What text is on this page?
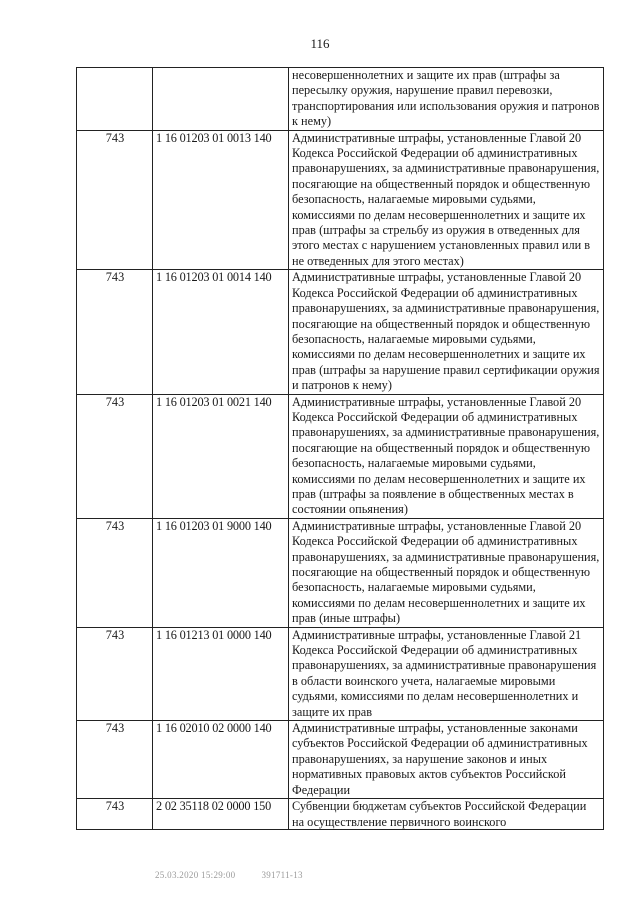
116
		несовершеннолетних и защите их прав (штрафы за пересылку оружия, нарушение правил перевозки, транспортирования или использования оружия и патронов к нему)
743	1 16 01203 01 0013 140	Административные штрафы, установленные Главой 20 Кодекса Российской Федерации об административных правонарушениях, за административные правонарушения, посягающие на общественный порядок и общественную безопасность, налагаемые мировыми судьями, комиссиями по делам несовершеннолетних и защите их прав (штрафы за стрельбу из оружия в отведенных для этого местах с нарушением установленных правил или в не отведенных для этого местах)
743	1 16 01203 01 0014 140	Административные штрафы, установленные Главой 20 Кодекса Российской Федерации об административных правонарушениях, за административные правонарушения, посягающие на общественный порядок и общественную безопасность, налагаемые мировыми судьями, комиссиями по делам несовершеннолетних и защите их прав (штрафы за нарушение правил сертификации оружия и патронов к нему)
743	1 16 01203 01 0021 140	Административные штрафы, установленные Главой 20 Кодекса Российской Федерации об административных правонарушениях, за административные правонарушения, посягающие на общественный порядок и общественную безопасность, налагаемые мировыми судьями, комиссиями по делам несовершеннолетних и защите их прав (штрафы за появление в общественных местах в состоянии опьянения)
743	1 16 01203 01 9000 140	Административные штрафы, установленные Главой 20 Кодекса Российской Федерации об административных правонарушениях, за административные правонарушения, посягающие на общественный порядок и общественную безопасность, налагаемые мировыми судьями, комиссиями по делам несовершеннолетних и защите их прав (иные штрафы)
743	1 16 01213 01 0000 140	Административные штрафы, установленные Главой 21 Кодекса Российской Федерации об административных правонарушениях, за административные правонарушения в области воинского учета, налагаемые мировыми судьями, комиссиями по делам несовершеннолетних и защите их прав
743	1 16 02010 02 0000 140	Административные штрафы, установленные законами субъектов Российской Федерации об административных правонарушениях, за нарушение законов и иных нормативных правовых актов субъектов Российской Федерации
743	2 02 35118 02 0000 150	Субвенции бюджетам субъектов Российской Федерации на осуществление первичного воинского
25.03.2020 15:29:00	391711-13
